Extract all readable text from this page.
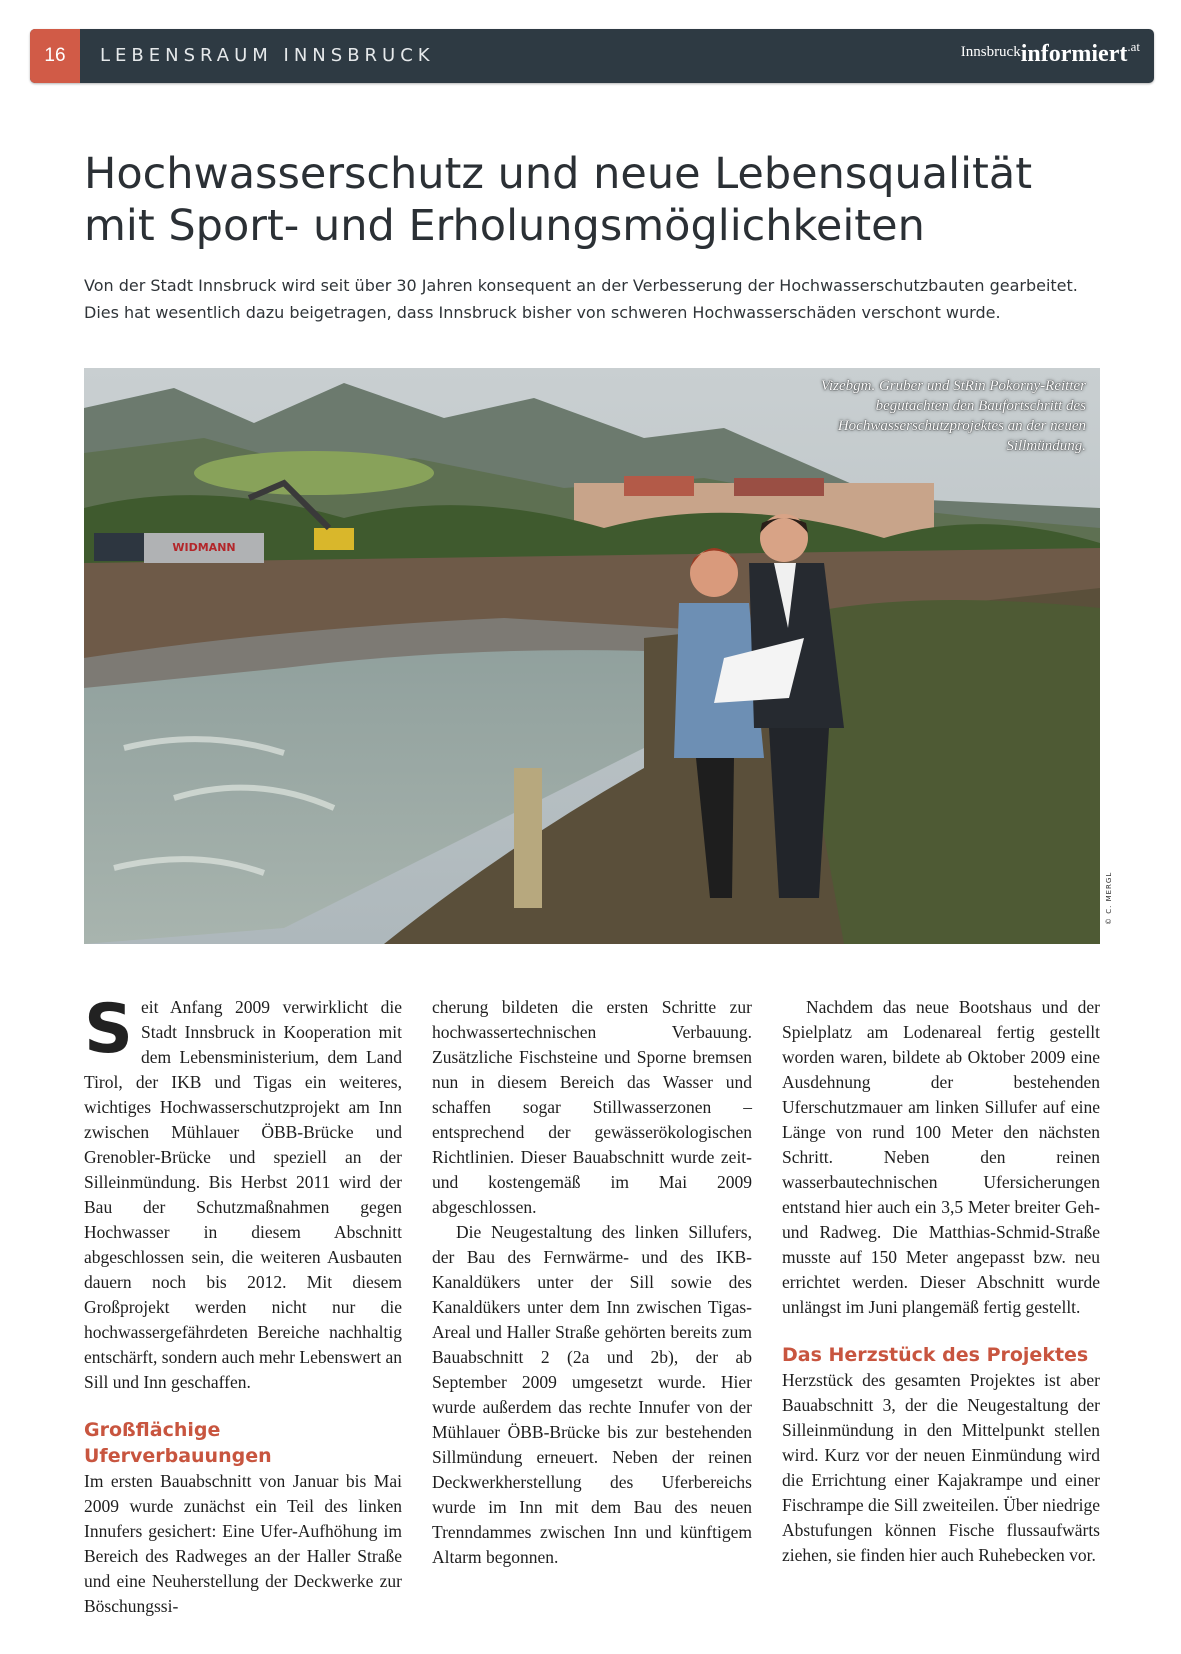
16	LEBENSRAUM INNSBRUCK	Innsbruckinformiert$^{.at}$
Hochwasserschutz und neue Lebensqualität
mit Sport- und Erholungsmöglichkeiten

Von der Stadt Innsbruck wird seit über 30 Jahren konsequent an der Verbesserung der Hochwasserschutzbauten gearbeitet. Dies hat wesentlich dazu beigetragen, dass Innsbruck bisher von schweren Hochwasserschäden verschont wurde.

WIDMANN
Vizebgm. Gruber und StRin Pokorny-Reitter begutachten den Baufortschritt des Hochwasserschutzprojektes an der neuen Sillmündung.
© C. MERGL

Seit Anfang 2009 verwirklicht die Stadt Innsbruck in Kooperation mit dem Lebensministerium, dem Land Tirol, der IKB und Tigas ein weiteres, wichtiges Hochwasserschutzprojekt am Inn zwischen Mühlauer ÖBB-Brücke und Grenobler-Brücke und speziell an der Silleinmündung. Bis Herbst 2011 wird der Bau der Schutzmaßnahmen gegen Hochwasser in diesem Abschnitt abgeschlossen sein, die weiteren Ausbauten dauern noch bis 2012. Mit diesem Großprojekt werden nicht nur die hochwassergefährdeten Bereiche nachhaltig entschärft, sondern auch mehr Lebenswert an Sill und Inn geschaffen.

Großflächige Uferverbauungen

Im ersten Bauabschnitt von Januar bis Mai 2009 wurde zunächst ein Teil des linken Innufers gesichert: Eine Ufer-Aufhöhung im Bereich des Radweges an der Haller Straße und eine Neuherstellung der Deckwerke zur Böschungssi-

cherung bildeten die ersten Schritte zur hochwassertechnischen Verbauung. Zusätzliche Fischsteine und Sporne bremsen nun in diesem Bereich das Wasser und schaffen sogar Stillwasserzonen – entsprechend der gewässerökologischen Richtlinien. Dieser Bauabschnitt wurde zeit- und kostengemäß im Mai 2009 abgeschlossen.

Die Neugestaltung des linken Sillufers, der Bau des Fernwärme- und des IKB-Kanaldükers unter der Sill sowie des Kanaldükers unter dem Inn zwischen Tigas-Areal und Haller Straße gehörten bereits zum Bauabschnitt 2 (2a und 2b), der ab September 2009 umgesetzt wurde. Hier wurde außerdem das rechte Innufer von der Mühlauer ÖBB-Brücke bis zur bestehenden Sillmündung erneuert. Neben der reinen Deckwerkherstellung des Uferbereichs wurde im Inn mit dem Bau des neuen Trenndammes zwischen Inn und künftigem Altarm begonnen.

Nachdem das neue Bootshaus und der Spielplatz am Lodenareal fertig gestellt worden waren, bildete ab Oktober 2009 eine Ausdehnung der bestehenden Uferschutzmauer am linken Sillufer auf eine Länge von rund 100 Meter den nächsten Schritt. Neben den reinen wasserbautechnischen Ufersicherungen entstand hier auch ein 3,5 Meter breiter Geh- und Radweg. Die Matthias-Schmid-Straße musste auf 150 Meter angepasst bzw. neu errichtet werden. Dieser Abschnitt wurde unlängst im Juni plangemäß fertig gestellt.

Das Herzstück des Projektes

Herzstück des gesamten Projektes ist aber Bauabschnitt 3, der die Neugestaltung der Silleinmündung in den Mittelpunkt stellen wird. Kurz vor der neuen Einmündung wird die Errichtung einer Kajakrampe und einer Fischrampe die Sill zweiteilen. Über niedrige Abstufungen können Fische flussaufwärts ziehen, sie finden hier auch Ruhebecken vor.
